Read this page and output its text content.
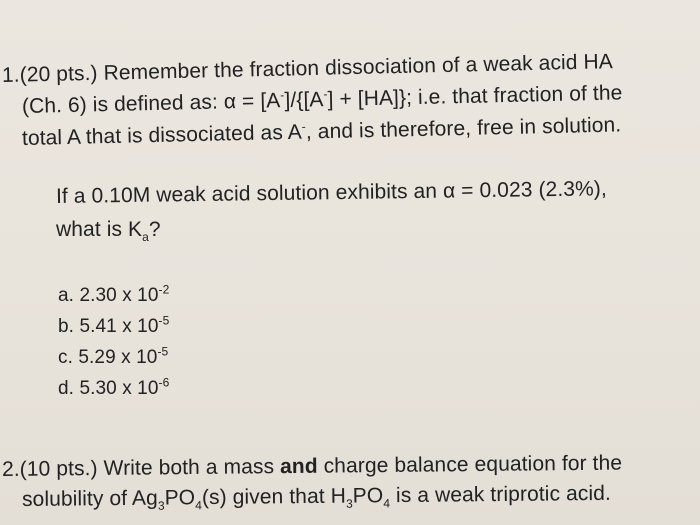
1.(20 pts.) Remember the fraction dissociation of a weak acid HA
(Ch. 6) is defined as: α = [A-]/{[A-] + [HA]}; i.e. that fraction of the
total A that is dissociated as A-, and is therefore, free in solution.
If a 0.10M weak acid solution exhibits an α = 0.023 (2.3%),
what is $K_a$?
a. 2.30 x $10^{-2}$
b. 5.41 x $10^{-5}$
c. 5.29 x $10^{-5}$
d. 5.30 x $10^{-6}$
2.(10 pts.) Write both a mass and charge balance equation for the
solubility of $Ag_3PO_4(s)$ given that $H_3PO_4$ is a weak triprotic acid.
